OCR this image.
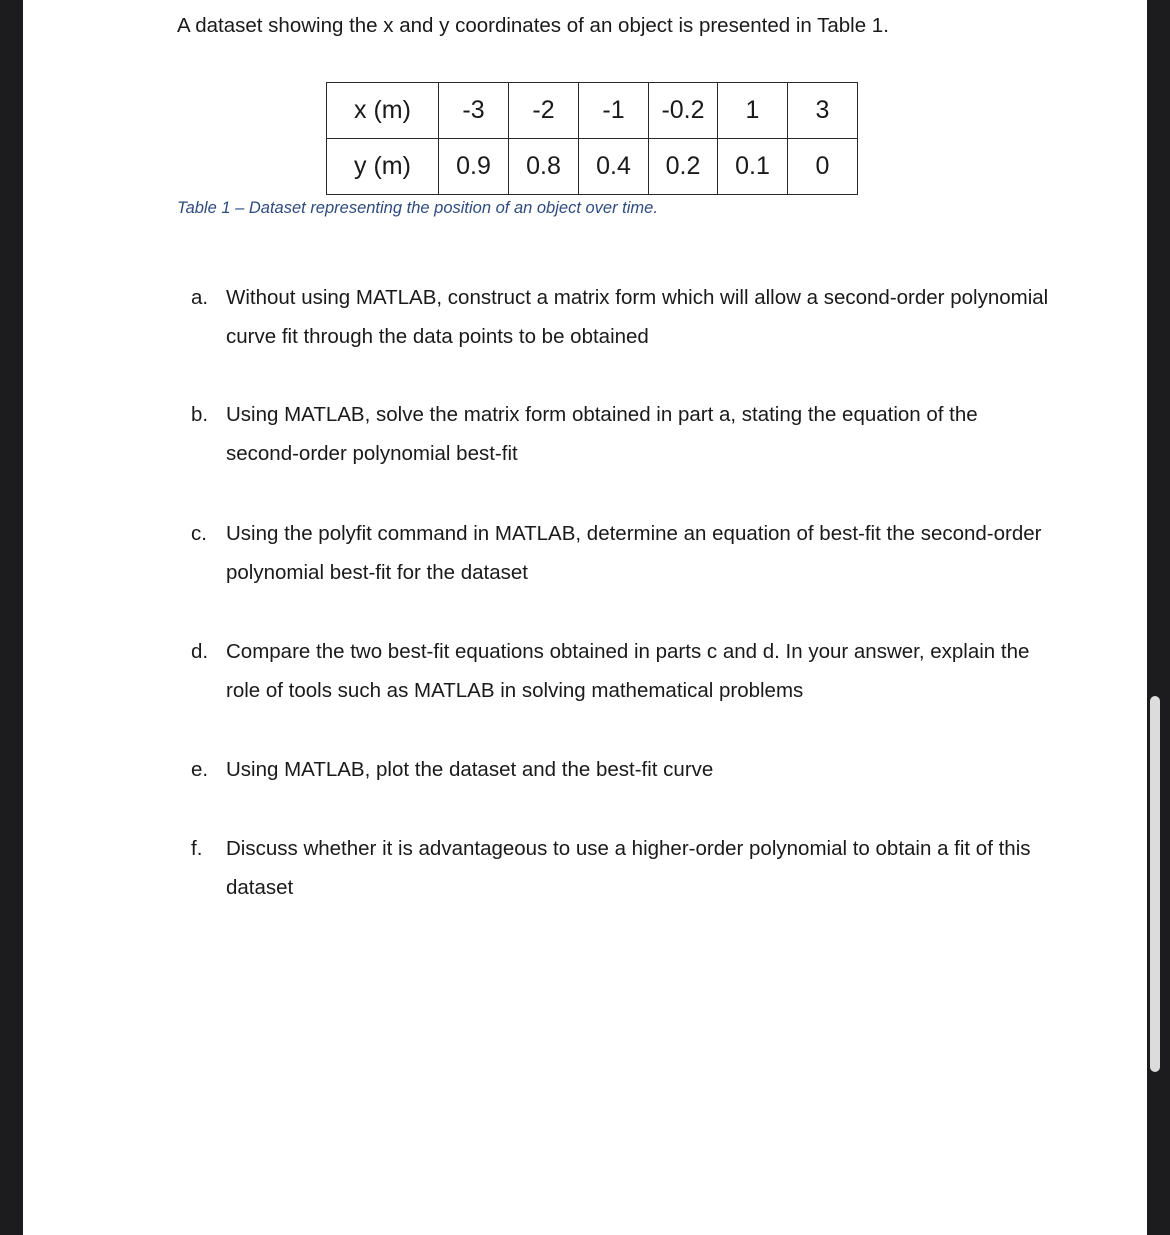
A dataset showing the x and y coordinates of an object is presented in Table 1.
x (m)	-3	-2	-1	-0.2	1	3
y (m)	0.9	0.8	0.4	0.2	0.1	0
Table 1 – Dataset representing the position of an object over time.
a. Without using MATLAB, construct a matrix form which will allow a second-order polynomial curve fit through the data points to be obtained
b. Using MATLAB, solve the matrix form obtained in part a, stating the equation of the second-order polynomial best-fit
c. Using the polyfit command in MATLAB, determine an equation of best-fit the second-order polynomial best-fit for the dataset
d. Compare the two best-fit equations obtained in parts c and d. In your answer, explain the role of tools such as MATLAB in solving mathematical problems
e. Using MATLAB, plot the dataset and the best-fit curve
f.	Discuss whether it is advantageous to use a higher-order polynomial to obtain a fit of this dataset
